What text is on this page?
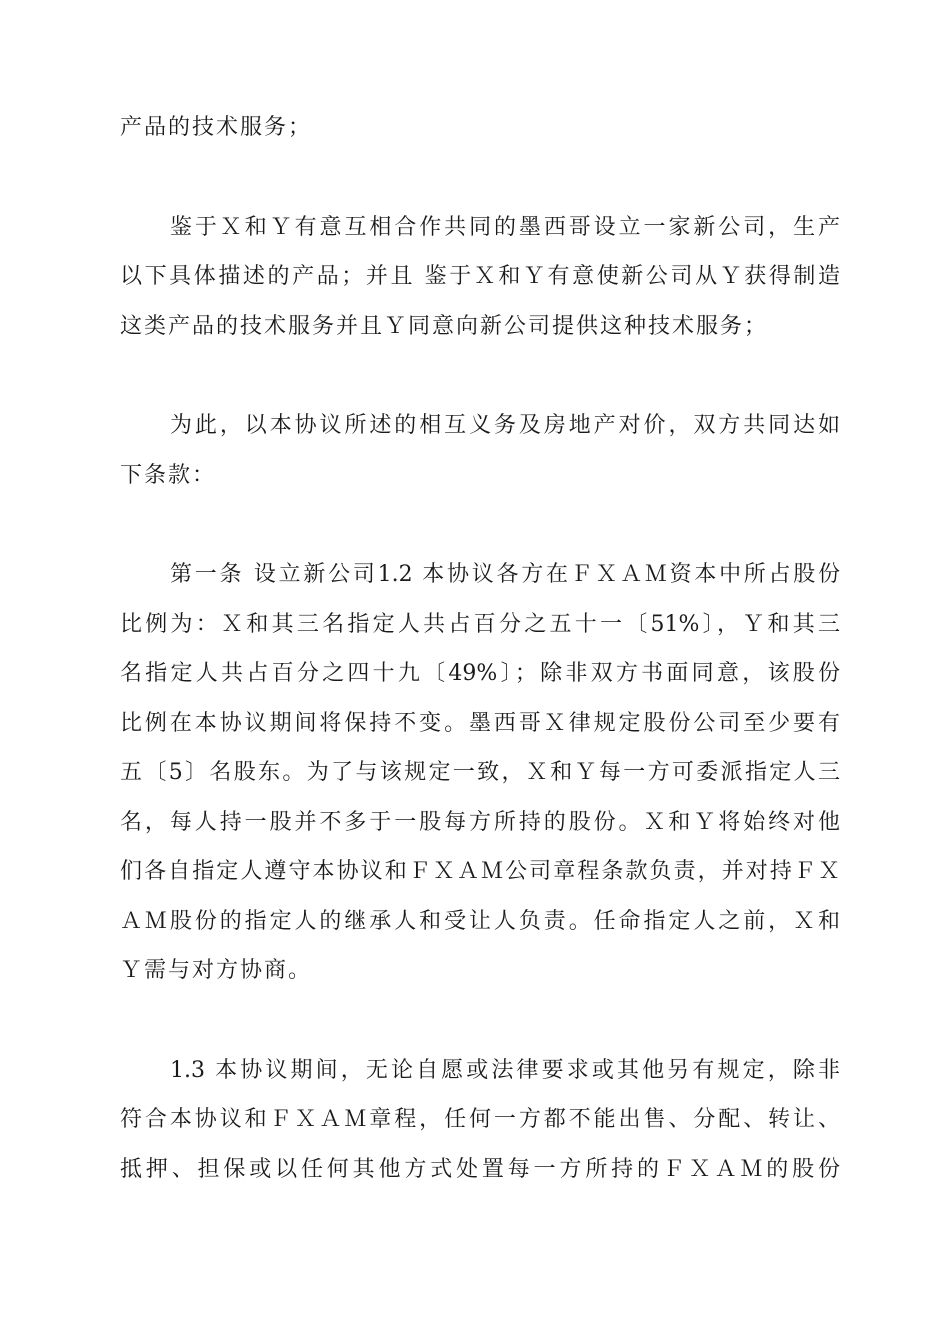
产品的技术服务；
鉴于Ｘ和Ｙ有意互相合作共同的墨西哥设立一家新公司，生产
以下具体描述的产品；并且 鉴于Ｘ和Ｙ有意使新公司从Ｙ获得制造
这类产品的技术服务并且Ｙ同意向新公司提供这种技术服务；
为此，以本协议所述的相互义务及房地产对价，双方共同达如
下条款：
第一条 设立新公司1.2 本协议各方在ＦＸＡＭ资本中所占股份
比例为：Ｘ和其三名指定人共占百分之五十一〔51%〕，Ｙ和其三
名指定人共占百分之四十九〔49%〕；除非双方书面同意，该股份
比例在本协议期间将保持不变。墨西哥Ｘ律规定股份公司至少要有
五〔5〕名股东。为了与该规定一致，Ｘ和Ｙ每一方可委派指定人三
名，每人持一股并不多于一股每方所持的股份。Ｘ和Ｙ将始终对他
们各自指定人遵守本协议和ＦＸＡＭ公司章程条款负责，并对持ＦＸ
ＡＭ股份的指定人的继承人和受让人负责。任命指定人之前，Ｘ和
Ｙ需与对方协商。
1.3 本协议期间，无论自愿或法律要求或其他另有规定，除非
符合本协议和ＦＸＡＭ章程，任何一方都不能出售、分配、转让、
抵押、担保或以任何其他方式处置每一方所持的ＦＸＡＭ的股份
